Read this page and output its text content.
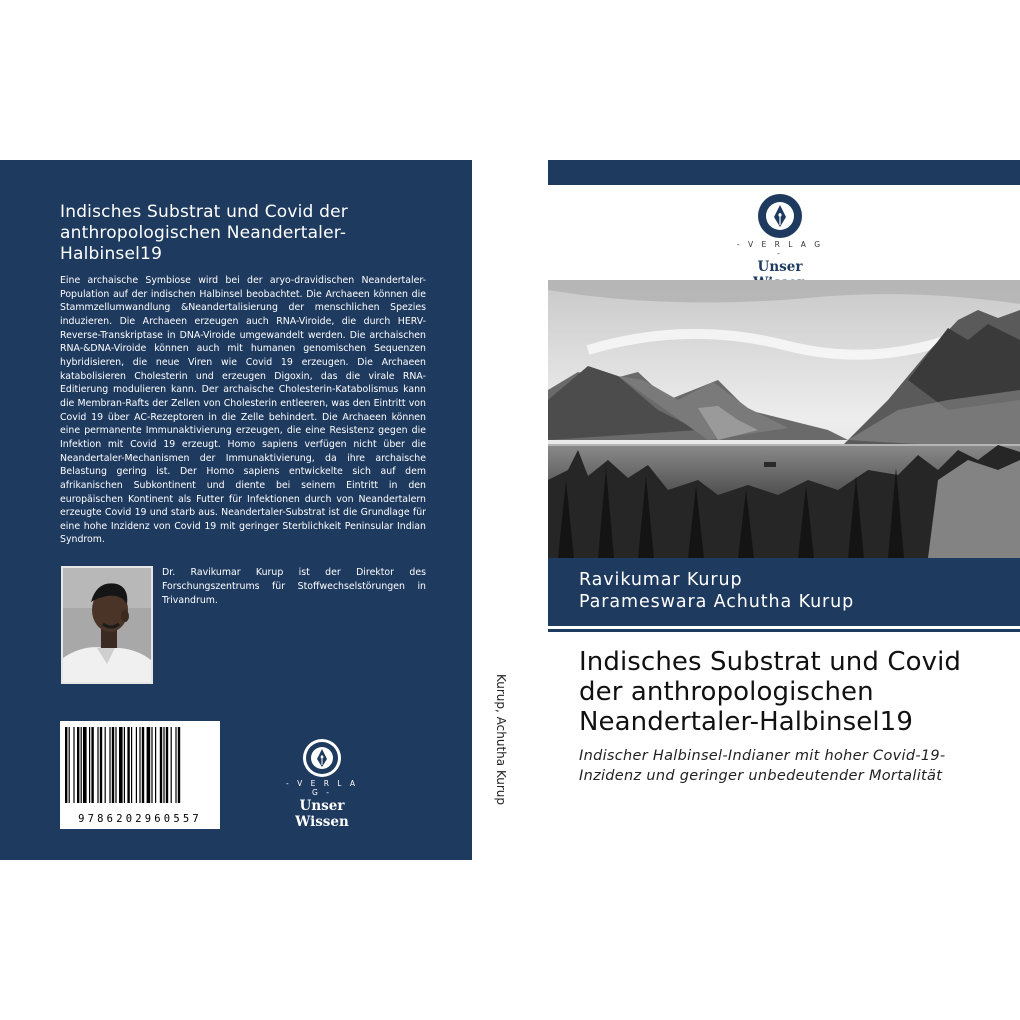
Indisches Substrat und Covid der anthropologischen Neandertaler-Halbinsel19
Eine archaische Symbiose wird bei der aryo-dravidischen Neandertaler-Population auf der indischen Halbinsel beobachtet. Die Archaeen können die Stammzellumwandlung &Neandertalisierung der menschlichen Spezies induzieren. Die Archaeen erzeugen auch RNA-Viroide, die durch HERV-Reverse-Transkriptase in DNA-Viroide umgewandelt werden. Die archaischen RNA-&DNA-Viroide können auch mit humanen genomischen Sequenzen hybridisieren, die neue Viren wie Covid 19 erzeugen. Die Archaeen katabolisieren Cholesterin und erzeugen Digoxin, das die virale RNA-Editierung modulieren kann. Der archaische Cholesterin-Katabolismus kann die Membran-Rafts der Zellen von Cholesterin entleeren, was den Eintritt von Covid 19 über AC-Rezeptoren in die Zelle behindert. Die Archaeen können eine permanente Immunaktivierung erzeugen, die eine Resistenz gegen die Infektion mit Covid 19 erzeugt. Homo sapiens verfügen nicht über die Neandertaler-Mechanismen der Immunaktivierung, da ihre archaische Belastung gering ist. Der Homo sapiens entwickelte sich auf dem afrikanischen Subkontinent und diente bei seinem Eintritt in den europäischen Kontinent als Futter für Infektionen durch von Neandertalern erzeugte Covid 19 und starb aus. Neandertaler-Substrat ist die Grundlage für eine hohe Inzidenz von Covid 19 mit geringer Sterblichkeit Peninsular Indian Syndrom.
Dr. Ravikumar Kurup ist der Direktor des Forschungszentrums für Stoffwechselstörungen in Trivandrum.
9786202960557
- V E R L A G -
Unser Wissen
Kurup, Achutha Kurup
- V E R L A G -
Unser
Ravikumar Kurup
Parameswara Achutha Kurup
Indisches Substrat und Covid der anthropologischen Neandertaler-Halbinsel19
Indischer Halbinsel-Indianer mit hoher Covid-19-Inzidenz und geringer unbedeutender Mortalität
